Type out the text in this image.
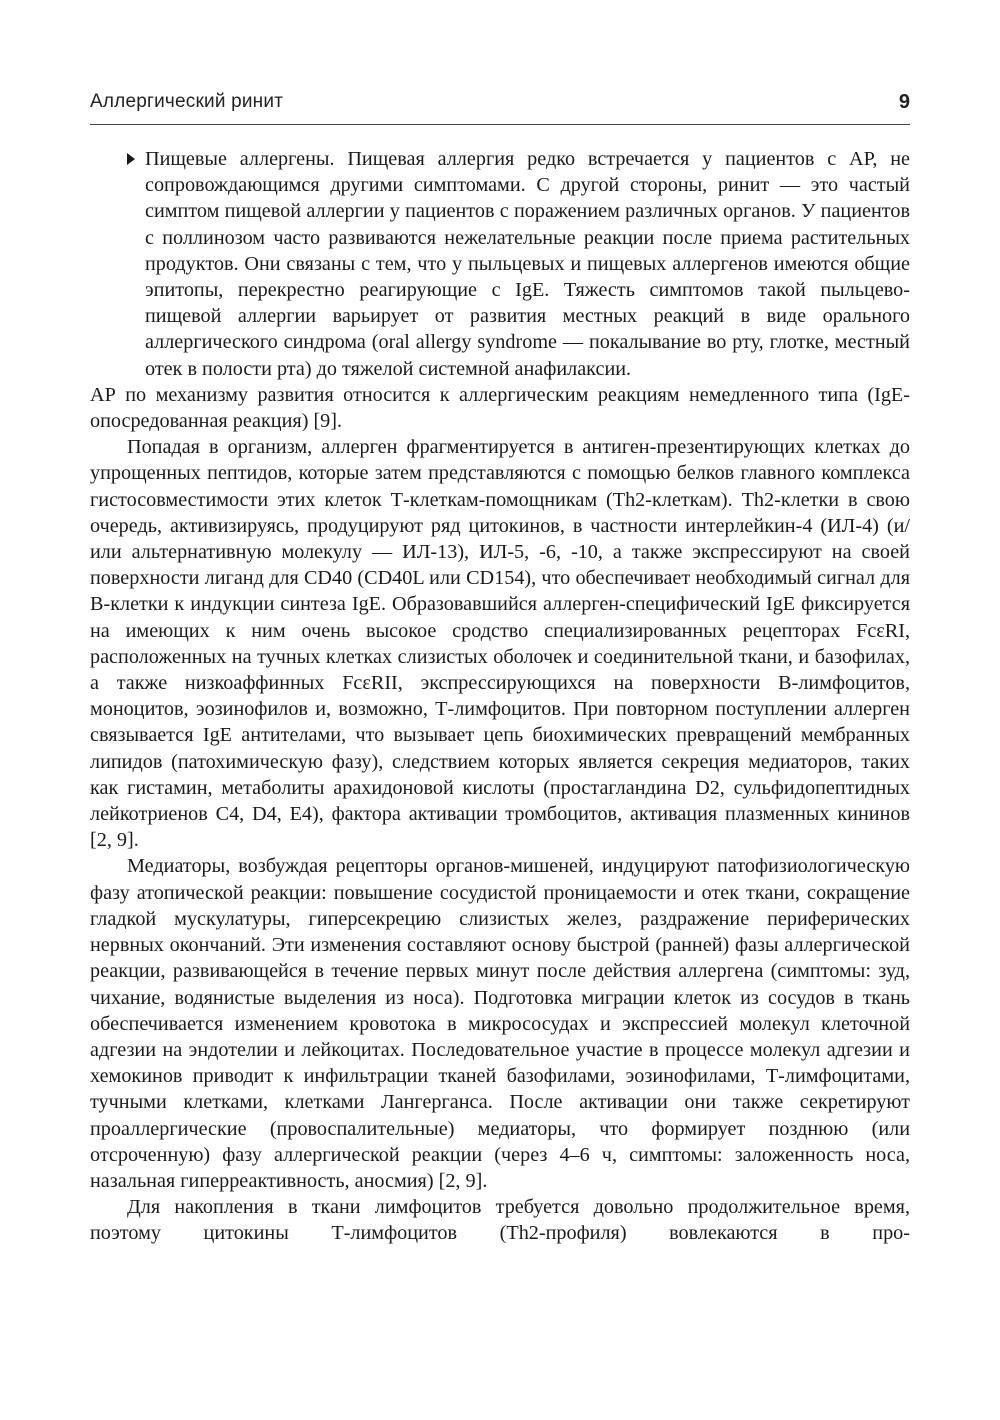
Аллергический ринит	9

Пищевые аллергены. Пищевая аллергия редко встречается у пациентов с АР, не сопровождающимся другими симптомами. С другой стороны, ринит — это частый симптом пищевой аллергии у пациентов с поражением различных органов. У пациентов с поллинозом часто развиваются нежелательные реакции после приема растительных продуктов. Они связаны с тем, что у пыльцевых и пищевых аллергенов имеются общие эпитопы, перекрестно реагирующие с IgE. Тяжесть симптомов такой пыльцево-пищевой аллергии варьирует от развития местных реакций в виде орального аллергического синдрома (oral allergy syndrome — покалывание во рту, глотке, местный отек в полости рта) до тяжелой системной анафилаксии.

АР по механизму развития относится к аллергическим реакциям немедленного типа (IgE-опосредованная реакция) [9].

Попадая в организм, аллерген фрагментируется в антиген-презентирующих клетках до упрощенных пептидов, которые затем представляются с помощью белков главного комплекса гистосовместимости этих клеток Т-клеткам-помощникам (Th2-клеткам). Th2-клетки в свою очередь, активизируясь, продуцируют ряд цитокинов, в частности интерлейкин-4 (ИЛ-4) (и/или альтернативную молекулу — ИЛ-13), ИЛ-5, -6, -10, а также экспрессируют на своей поверхности лиганд для CD40 (CD40L или CD154), что обеспечивает необходимый сигнал для В-клетки к индукции синтеза IgE. Образовавшийся аллерген-специфический IgE фиксируется на имеющих к ним очень высокое сродство специализированных рецепторах FcεRI, расположенных на тучных клетках слизистых оболочек и соединительной ткани, и базофилах, а также низкоаффинных FcεRII, экспрессирующихся на поверхности В-лимфоцитов, моноцитов, эозинофилов и, возможно, Т-лимфоцитов. При повторном поступлении аллерген связывается IgE антителами, что вызывает цепь биохимических превращений мембранных липидов (патохимическую фазу), следствием которых является секреция медиаторов, таких как гистамин, метаболиты арахидоновой кислоты (простагландина D2, сульфидопептидных лейкотриенов C4, D4, E4), фактора активации тромбоцитов, активация плазменных кининов [2, 9].

Медиаторы, возбуждая рецепторы органов-мишеней, индуцируют патофизиологическую фазу атопической реакции: повышение сосудистой проницаемости и отек ткани, сокращение гладкой мускулатуры, гиперсекрецию слизистых желез, раздражение периферических нервных окончаний. Эти изменения составляют основу быстрой (ранней) фазы аллергической реакции, развивающейся в течение первых минут после действия аллергена (симптомы: зуд, чихание, водянистые выделения из носа). Подготовка миграции клеток из сосудов в ткань обеспечивается изменением кровотока в микрососудах и экспрессией молекул клеточной адгезии на эндотелии и лейкоцитах. Последовательное участие в процессе молекул адгезии и хемокинов приводит к инфильтрации тканей базофилами, эозинофилами, Т-лимфоцитами, тучными клетками, клетками Лангерганса. После активации они также секретируют проаллергические (провоспалительные) медиаторы, что формирует позднюю (или отсроченную) фазу аллергической реакции (через 4–6 ч, симптомы: заложенность носа, назальная гиперреактивность, аносмия) [2, 9].

Для накопления в ткани лимфоцитов требуется довольно продолжительное время, поэтому цитокины Т-лимфоцитов (Th2-профиля) вовлекаются в про-
